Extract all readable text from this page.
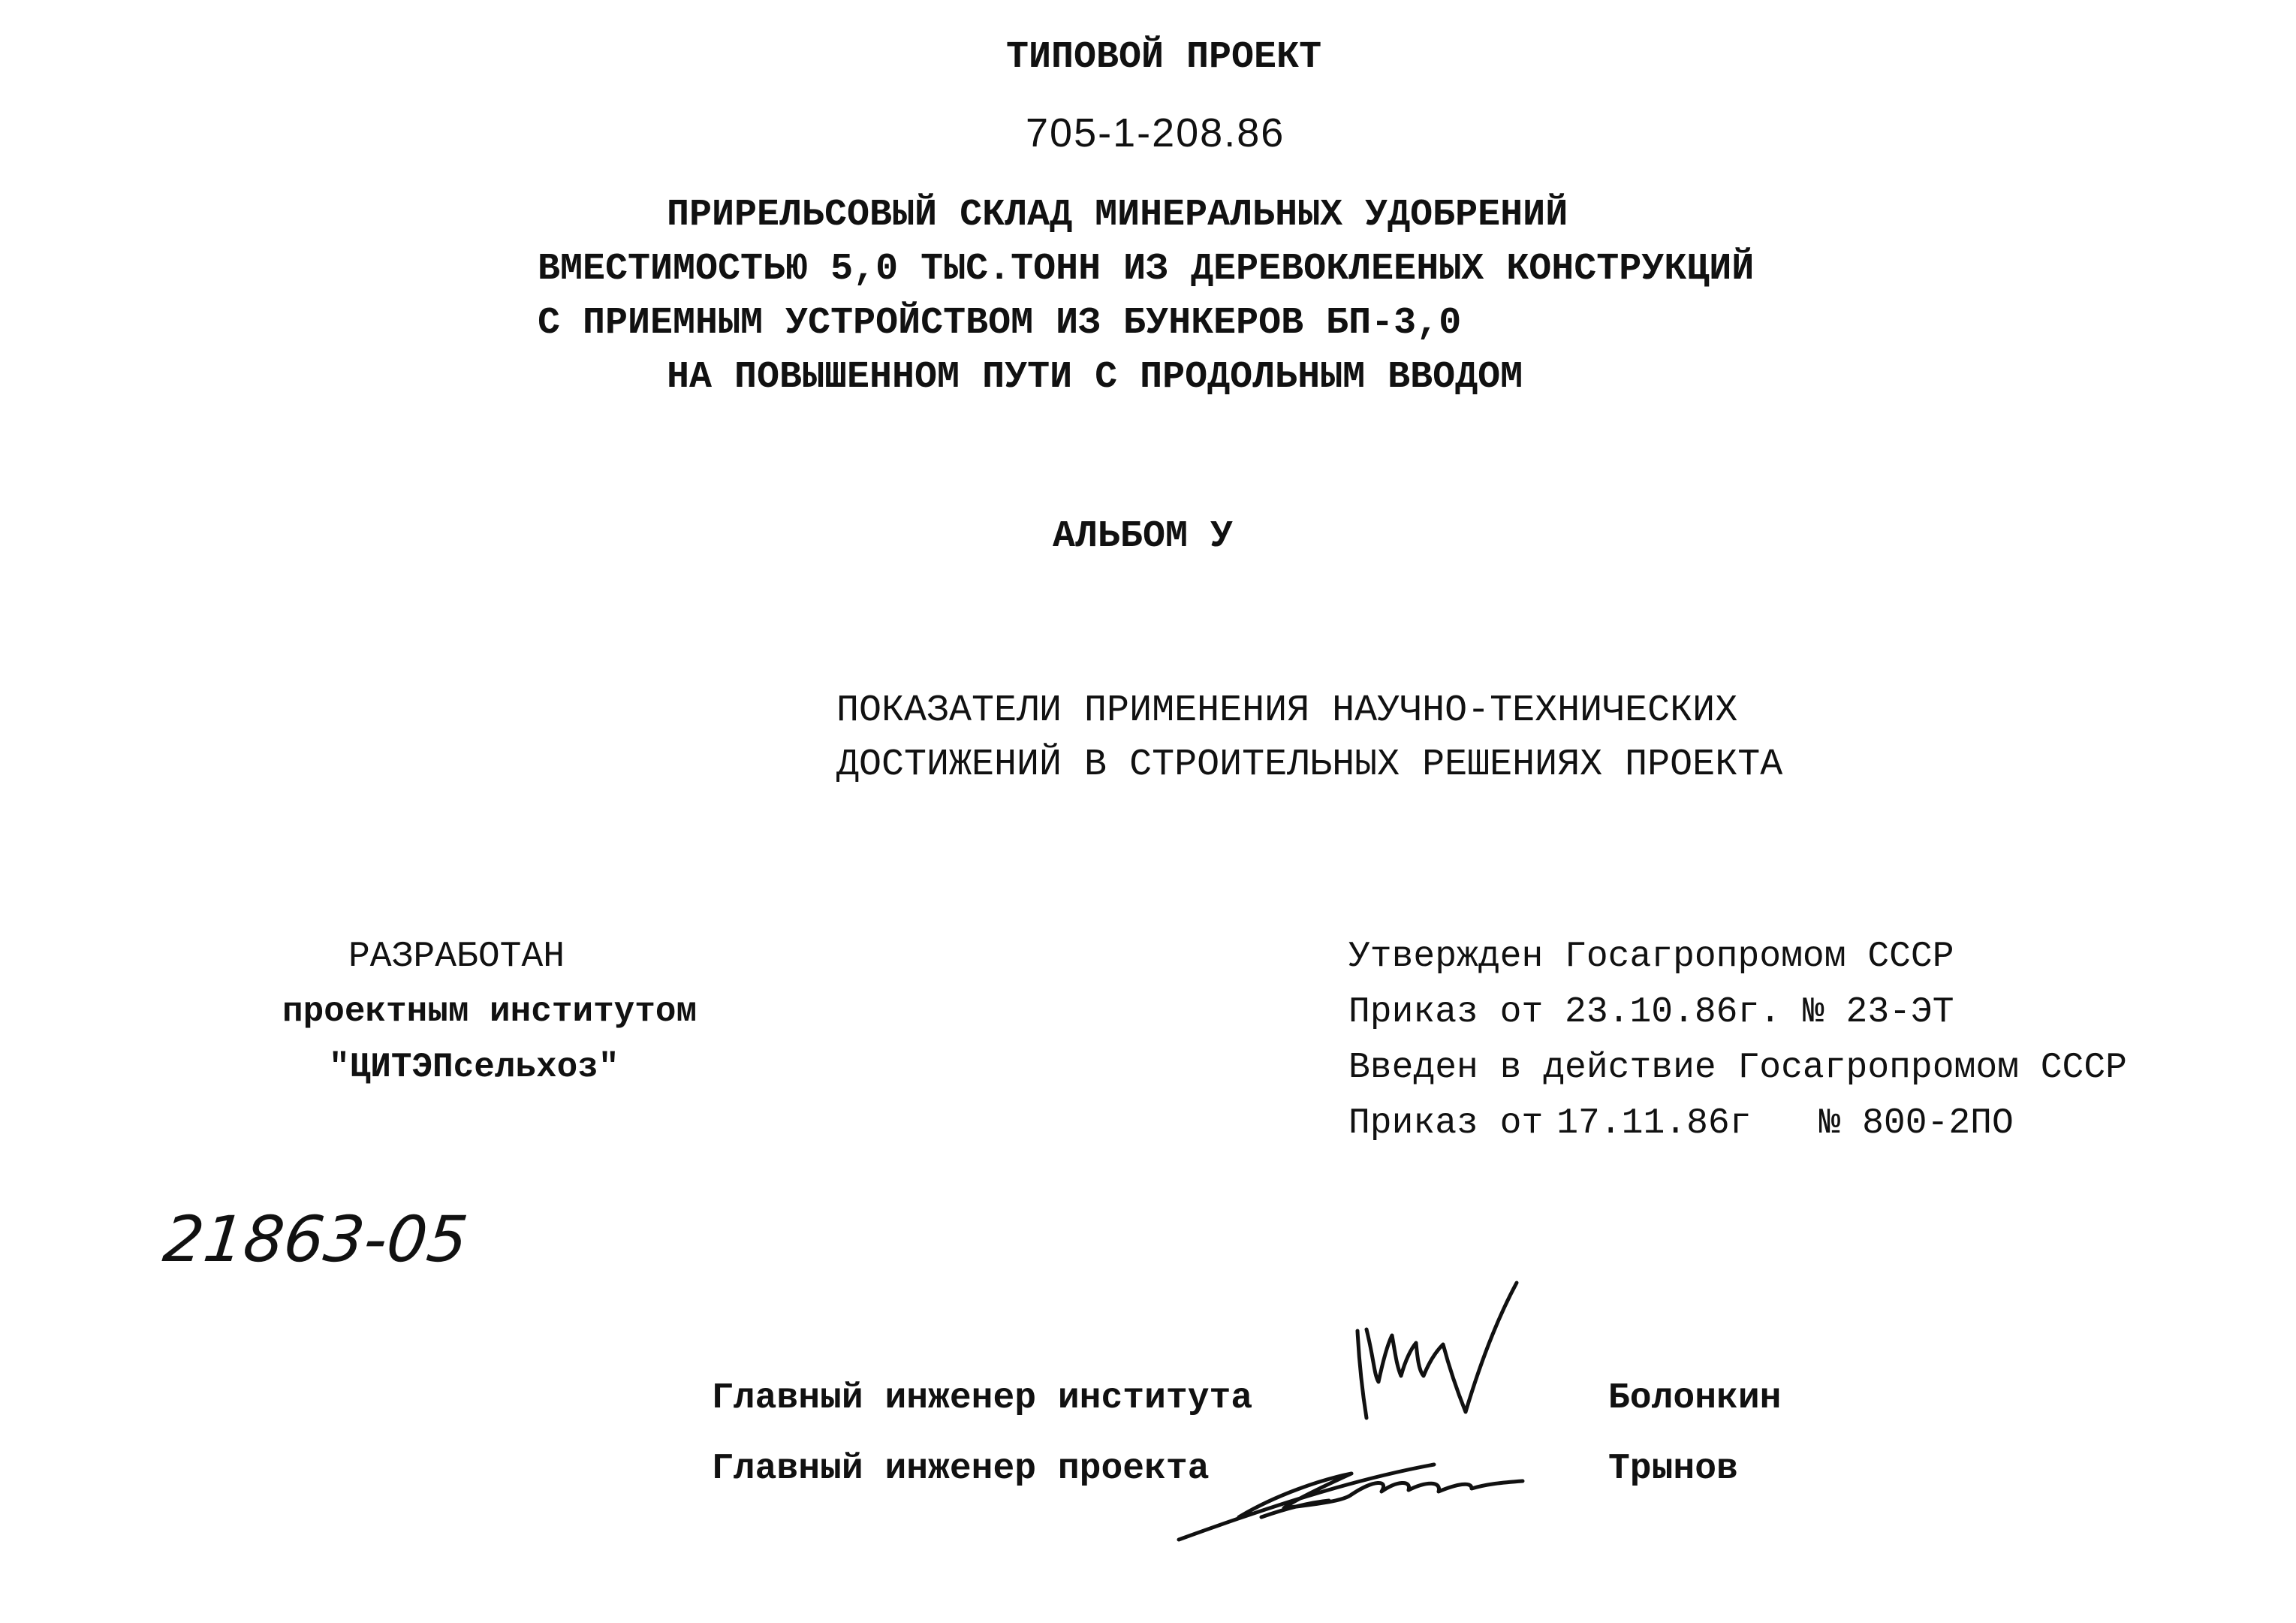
ТИПОВОЙ ПРОЕКТ
705-1-208.86
ПРИРЕЛЬСОВЫЙ СКЛАД МИНЕРАЛЬНЫХ УДОБРЕНИЙ
ВМЕСТИМОСТЬЮ 5,0 ТЫС.ТОНН ИЗ ДЕРЕВОКЛЕЕНЫХ КОНСТРУКЦИЙ
С ПРИЕМНЫМ УСТРОЙСТВОМ ИЗ БУНКЕРОВ БП-3,0
НА ПОВЫШЕННОМ ПУТИ С ПРОДОЛЬНЫМ ВВОДОМ
АЛЬБОМ У
ПОКАЗАТЕЛИ ПРИМЕНЕНИЯ НАУЧНО-ТЕХНИЧЕСКИХ
ДОСТИЖЕНИЙ В СТРОИТЕЛЬНЫХ РЕШЕНИЯХ ПРОЕКТА
РАЗРАБОТАН
проектным институтом
"ЦИТЭПсельхоз"
Утвержден Госагропромом СССР
Приказ от 23.10.86г. № 23-ЭТ
Введен в действие Госагропромом СССР
Приказ от 17.11.86г № 800-2ПО
21863-05
Главный инженер института
Главный инженер проекта
Болонкин
Трынов
